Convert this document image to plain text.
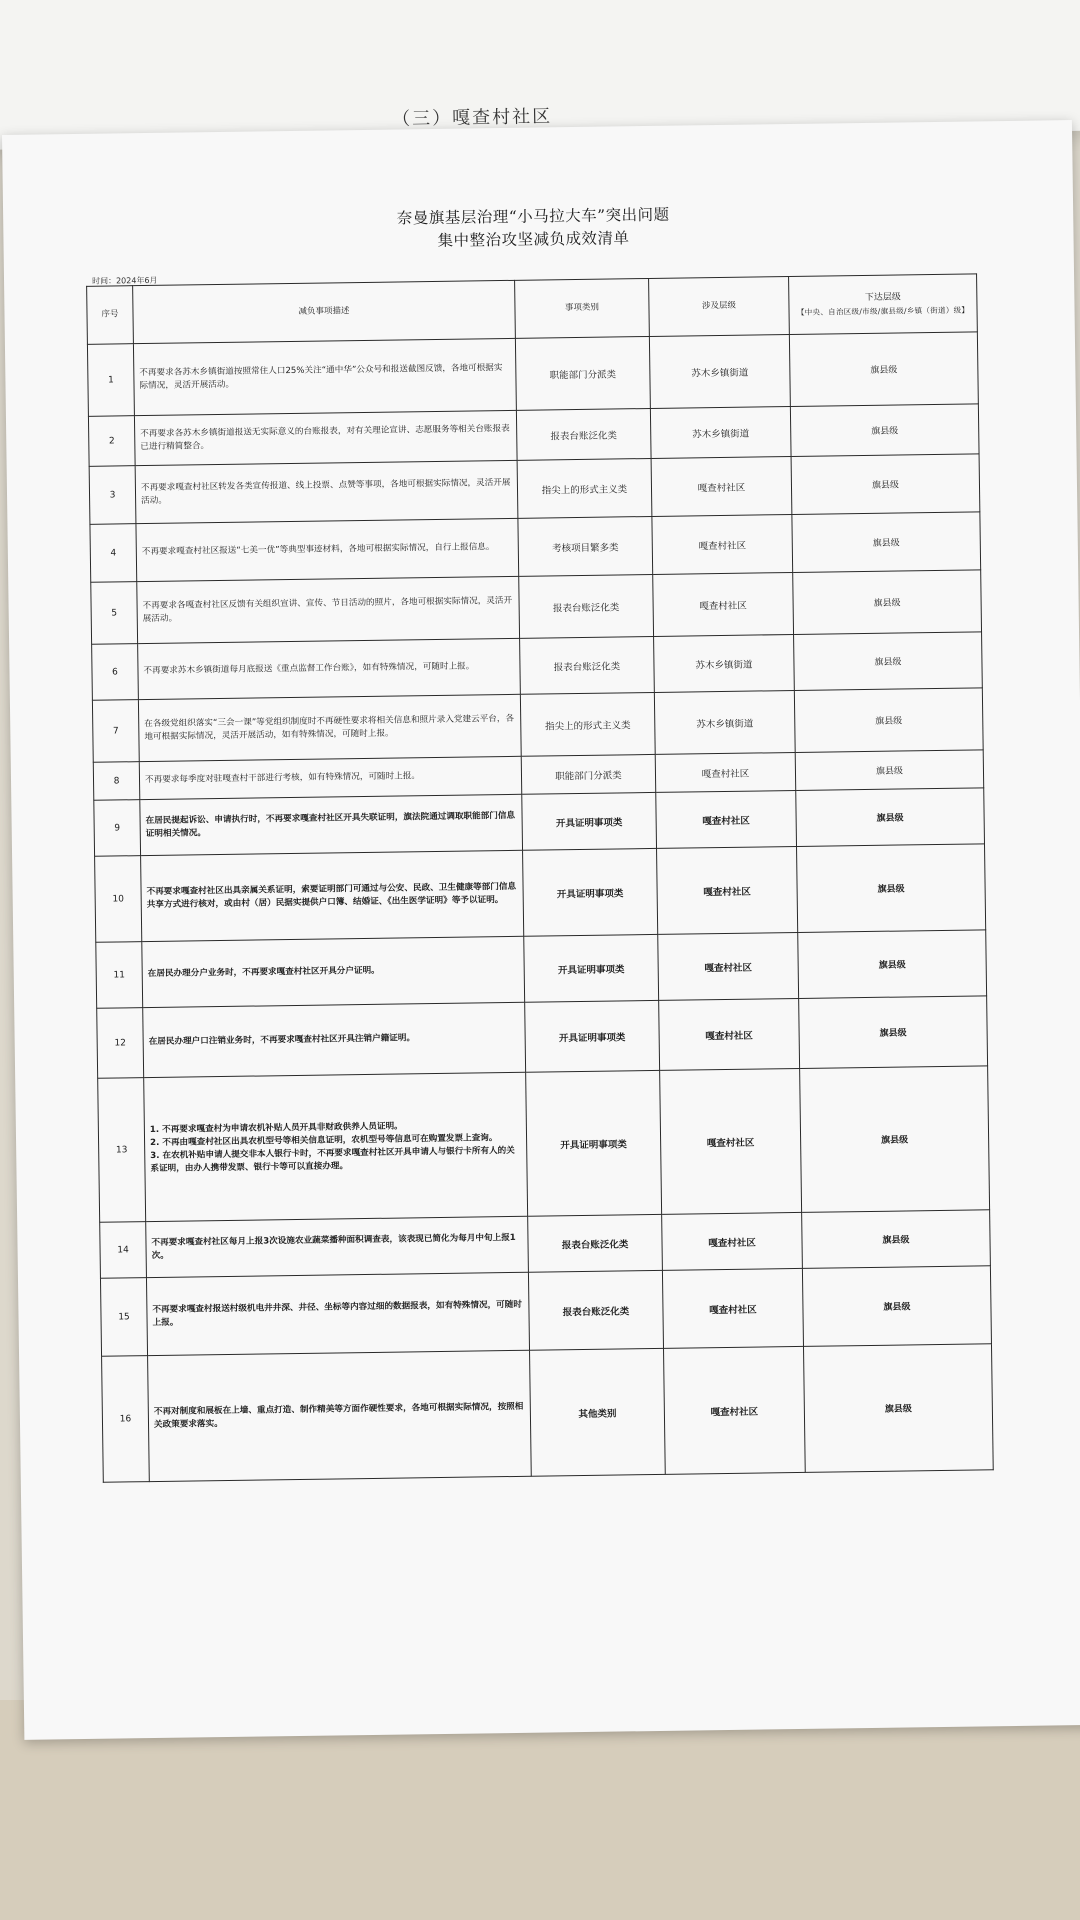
（三）嘎查村社区
奈曼旗基层治理“小马拉大车”突出问题
集中整治攻坚减负成效清单
时间：2024年6月
序号	减负事项描述	事项类别	涉及层级	下达层级
【中央、自治区级/市级/旗县级/乡镇（街道）级】

1	不再要求各苏木乡镇街道按照常住人口25%关注“通中华”公众号和报送截图反馈，各地可根据实际情况，灵活开展活动。	职能部门分派类	苏木乡镇街道	旗县级
2	不再要求各苏木乡镇街道报送无实际意义的台账报表，对有关理论宣讲、志愿服务等相关台账报表已进行精简整合。	报表台账泛化类	苏木乡镇街道	旗县级
3	不再要求嘎查村社区转发各类宣传报道、线上投票、点赞等事项，各地可根据实际情况，灵活开展活动。	指尖上的形式主义类	嘎查村社区	旗县级
4	不再要求嘎查村社区报送“七美一优”等典型事迹材料，各地可根据实际情况，自行上报信息。	考核项目繁多类	嘎查村社区	旗县级
5	不再要求各嘎查村社区反馈有关组织宣讲、宣传、节日活动的照片，各地可根据实际情况，灵活开展活动。	报表台账泛化类	嘎查村社区	旗县级
6	不再要求苏木乡镇街道每月底报送《重点监督工作台账》，如有特殊情况，可随时上报。	报表台账泛化类	苏木乡镇街道	旗县级
7	在各级党组织落实“三会一课”等党组织制度时不再硬性要求将相关信息和照片录入党建云平台，各地可根据实际情况，灵活开展活动，如有特殊情况，可随时上报。	指尖上的形式主义类	苏木乡镇街道	旗县级
8	不再要求每季度对驻嘎查村干部进行考核，如有特殊情况，可随时上报。	职能部门分派类	嘎查村社区	旗县级
9	在居民提起诉讼、申请执行时，不再要求嘎查村社区开具失联证明，旗法院通过调取职能部门信息证明相关情况。	开具证明事项类	嘎查村社区	旗县级
10	不再要求嘎查村社区出具亲属关系证明，索要证明部门可通过与公安、民政、卫生健康等部门信息共享方式进行核对，或由村（居）民据实提供户口簿、结婚证、《出生医学证明》等予以证明。	开具证明事项类	嘎查村社区	旗县级
11	在居民办理分户业务时，不再要求嘎查村社区开具分户证明。	开具证明事项类	嘎查村社区	旗县级
12	在居民办理户口注销业务时，不再要求嘎查村社区开具注销户籍证明。	开具证明事项类	嘎查村社区	旗县级
13	1. 不再要求嘎查村为申请农机补贴人员开具非财政供养人员证明。
2. 不再由嘎查村社区出具农机型号等相关信息证明，农机型号等信息可在购置发票上查询。
3. 在农机补贴申请人提交非本人银行卡时，不再要求嘎查村社区开具申请人与银行卡所有人的关系证明，由办人携带发票、银行卡等可以直接办理。	开具证明事项类	嘎查村社区	旗县级
14	不再要求嘎查村社区每月上报3次设施农业蔬菜播种面积调查表，该表现已简化为每月中旬上报1次。	报表台账泛化类	嘎查村社区	旗县级
15	不再要求嘎查村报送村级机电井井深、井径、坐标等内容过细的数据报表，如有特殊情况，可随时上报。	报表台账泛化类	嘎查村社区	旗县级
16	不再对制度和展板在上墙、重点打造、制作精美等方面作硬性要求，各地可根据实际情况，按照相关政策要求落实。	其他类别	嘎查村社区	旗县级
